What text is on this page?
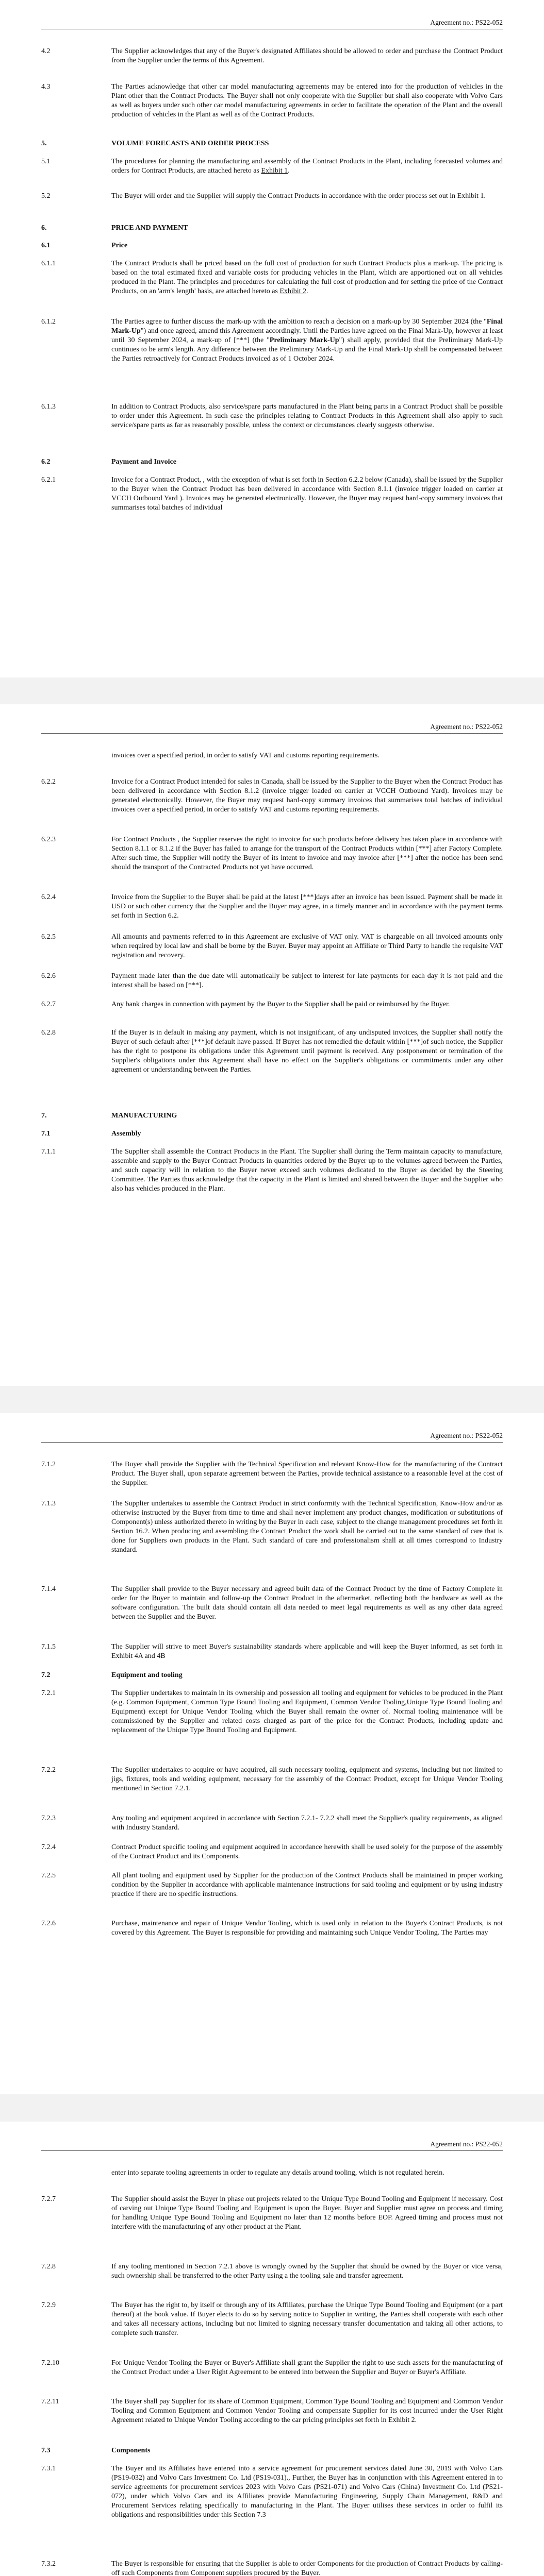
Agreement no.: PS22-052
4.2	The Supplier acknowledges that any of the Buyer's designated Affiliates should be allowed to order and purchase the Contract Product from the Supplier under the terms of this Agreement.
4.3	The Parties acknowledge that other car model manufacturing agreements may be entered into for the production of vehicles in the Plant other than the Contract Products. The Buyer shall not only cooperate with the Supplier but shall also cooperate with Volvo Cars as well as buyers under such other car model manufacturing agreements in order to facilitate the operation of the Plant and the overall production of vehicles in the Plant as well as of the Contract Products.
5.	VOLUME FORECASTS AND ORDER PROCESS
5.1	The procedures for planning the manufacturing and assembly of the Contract Products in the Plant, including forecasted volumes and orders for Contract Products, are attached hereto as Exhibit 1.
5.2	The Buyer will order and the Supplier will supply the Contract Products in accordance with the order process set out in Exhibit 1.
6.	PRICE AND PAYMENT
6.1	Price
6.1.1	The Contract Products shall be priced based on the full cost of production for such Contract Products plus a mark-up. The pricing is based on the total estimated fixed and variable costs for producing vehicles in the Plant, which are apportioned out on all vehicles produced in the Plant. The principles and procedures for calculating the full cost of production and for setting the price of the Contract Products, on an 'arm's length' basis, are attached hereto as Exhibit 2.
6.1.2	The Parties agree to further discuss the mark-up with the ambition to reach a decision on a mark-up by 30 September 2024 (the "Final Mark-Up") and once agreed, amend this Agreement accordingly. Until the Parties have agreed on the Final Mark-Up, however at least until 30 September 2024, a mark-up of [***] (the "Preliminary Mark-Up") shall apply, provided that the Preliminary Mark-Up continues to be arm's length. Any difference between the Preliminary Mark-Up and the Final Mark-Up shall be compensated between the Parties retroactively for Contract Products invoiced as of 1 October 2024.
6.1.3	In addition to Contract Products, also service/spare parts manufactured in the Plant being parts in a Contract Product shall be possible to order under this Agreement. In such case the principles relating to Contract Products in this Agreement shall also apply to such service/spare parts as far as reasonably possible, unless the context or circumstances clearly suggests otherwise.
6.2	Payment and Invoice
6.2.1	Invoice for a Contract Product, , with the exception of what is set forth in Section 6.2.2 below (Canada), shall be issued by the Supplier to the Buyer when the Contract Product has been delivered in accordance with Section 8.1.1 (invoice trigger loaded on carrier at VCCH Outbound Yard ). Invoices may be generated electronically. However, the Buyer may request hard-copy summary invoices that summarises total batches of individual
Agreement no.: PS22-052
invoices over a specified period, in order to satisfy VAT and customs reporting requirements.
6.2.2	Invoice for a Contract Product intended for sales in Canada, shall be issued by the Supplier to the Buyer when the Contract Product has been delivered in accordance with Section 8.1.2 (invoice trigger loaded on carrier at VCCH Outbound Yard). Invoices may be generated electronically. However, the Buyer may request hard-copy summary invoices that summarises total batches of individual invoices over a specified period, in order to satisfy VAT and customs reporting requirements.
6.2.3	For Contract Products , the Supplier reserves the right to invoice for such products before delivery has taken place in accordance with Section 8.1.1 or 8.1.2 if the Buyer has failed to arrange for the transport of the Contract Products within [***] after Factory Complete. After such time, the Supplier will notify the Buyer of its intent to invoice and may invoice after [***] after the notice has been send should the transport of the Contracted Products not yet have occurred.
6.2.4	Invoice from the Supplier to the Buyer shall be paid at the latest [***]days after an invoice has been issued. Payment shall be made in USD or such other currency that the Supplier and the Buyer may agree, in a timely manner and in accordance with the payment terms set forth in Section 6.2.
6.2.5	All amounts and payments referred to in this Agreement are exclusive of VAT only. VAT is chargeable on all invoiced amounts only when required by local law and shall be borne by the Buyer. Buyer may appoint an Affiliate or Third Party to handle the requisite VAT registration and recovery.
6.2.6	Payment made later than the due date will automatically be subject to interest for late payments for each day it is not paid and the interest shall be based on [***].
6.2.7	Any bank charges in connection with payment by the Buyer to the Supplier shall be paid or reimbursed by the Buyer.
6.2.8	If the Buyer is in default in making any payment, which is not insignificant, of any undisputed invoices, the Supplier shall notify the Buyer of such default after [***]of default have passed. If Buyer has not remedied the default within [***]of such notice, the Supplier has the right to postpone its obligations under this Agreement until payment is received. Any postponement or termination of the Supplier's obligations under this Agreement shall have no effect on the Supplier's obligations or commitments under any other agreement or understanding between the Parties.
7.	MANUFACTURING
7.1	Assembly
7.1.1	The Supplier shall assemble the Contract Products in the Plant. The Supplier shall during the Term maintain capacity to manufacture, assemble and supply to the Buyer Contract Products in quantities ordered by the Buyer up to the volumes agreed between the Parties, and such capacity will in relation to the Buyer never exceed such volumes dedicated to the Buyer as decided by the Steering Committee. The Parties thus acknowledge that the capacity in the Plant is limited and shared between the Buyer and the Supplier who also has vehicles produced in the Plant.
Agreement no.: PS22-052
7.1.2	The Buyer shall provide the Supplier with the Technical Specification and relevant Know-How for the manufacturing of the Contract Product. The Buyer shall, upon separate agreement between the Parties, provide technical assistance to a reasonable level at the cost of the Supplier.
7.1.3	The Supplier undertakes to assemble the Contract Product in strict conformity with the Technical Specification, Know-How and/or as otherwise instructed by the Buyer from time to time and shall never implement any product changes, modification or substitutions of Component(s) unless authorized thereto in writing by the Buyer in each case, subject to the change management procedures set forth in Section 16.2. When producing and assembling the Contract Product the work shall be carried out to the same standard of care that is done for Suppliers own products in the Plant. Such standard of care and professionalism shall at all times correspond to Industry standard.
7.1.4	The Supplier shall provide to the Buyer necessary and agreed built data of the Contract Product by the time of Factory Complete in order for the Buyer to maintain and follow-up the Contract Product in the aftermarket, reflecting both the hardware as well as the software configuration. The built data should contain all data needed to meet legal requirements as well as any other data agreed between the Supplier and the Buyer.
7.1.5	The Supplier will strive to meet Buyer's sustainability standards where applicable and will keep the Buyer informed, as set forth in Exhibit 4A and 4B
7.2	Equipment and tooling
7.2.1	The Supplier undertakes to maintain in its ownership and possession all tooling and equipment for vehicles to be produced in the Plant (e.g. Common Equipment, Common Type Bound Tooling and Equipment, Common Vendor Tooling,Unique Type Bound Tooling and Equipment) except for Unique Vendor Tooling which the Buyer shall remain the owner of. Normal tooling maintenance will be commissioned by the Supplier and related costs charged as part of the price for the Contract Products, including update and replacement of the Unique Type Bound Tooling and Equipment.
7.2.2	The Supplier undertakes to acquire or have acquired, all such necessary tooling, equipment and systems, including but not limited to jigs, fixtures, tools and welding equipment, necessary for the assembly of the Contract Product, except for Unique Vendor Tooling mentioned in Section 7.2.1.
7.2.3	Any tooling and equipment acquired in accordance with Section 7.2.1- 7.2.2 shall meet the Supplier's quality requirements, as aligned with Industry Standard.
7.2.4	Contract Product specific tooling and equipment acquired in accordance herewith shall be used solely for the purpose of the assembly of the Contract Product and its Components.
7.2.5	All plant tooling and equipment used by Supplier for the production of the Contract Products shall be maintained in proper working condition by the Supplier in accordance with applicable maintenance instructions for said tooling and equipment or by using industry practice if there are no specific instructions.
7.2.6	Purchase, maintenance and repair of Unique Vendor Tooling, which is used only in relation to the Buyer's Contract Products, is not covered by this Agreement. The Buyer is responsible for providing and maintaining such Unique Vendor Tooling. The Parties may
Agreement no.: PS22-052
enter into separate tooling agreements in order to regulate any details around tooling, which is not regulated herein.
7.2.7	The Supplier should assist the Buyer in phase out projects related to the Unique Type Bound Tooling and Equipment if necessary. Cost of carving out Unique Type Bound Tooling and Equipment is upon the Buyer. Buyer and Supplier must agree on process and timing for handling Unique Type Bound Tooling and Equipment no later than 12 months before EOP. Agreed timing and process must not interfere with the manufacturing of any other product at the Plant.
7.2.8	If any tooling mentioned in Section 7.2.1 above is wrongly owned by the Supplier that should be owned by the Buyer or vice versa, such ownership shall be transferred to the other Party using a the tooling sale and transfer agreement.
7.2.9	The Buyer has the right to, by itself or through any of its Affiliates, purchase the Unique Type Bound Tooling and Equipment (or a part thereof) at the book value. If Buyer elects to do so by serving notice to Supplier in writing, the Parties shall cooperate with each other and takes all necessary actions, including but not limited to signing necessary transfer documentation and taking all other actions, to complete such transfer.
7.2.10	For Unique Vendor Tooling the Buyer or Buyer's Affiliate shall grant the Supplier the right to use such assets for the manufacturing of the Contract Product under a User Right Agreement to be entered into between the Supplier and Buyer or Buyer's Affiliate.
7.2.11	The Buyer shall pay Supplier for its share of Common Equipment, Common Type Bound Tooling and Equipment and Common Vendor Tooling and Common Equipment and Common Vendor Tooling and compensate Supplier for its cost incurred under the User Right Agreement related to Unique Vendor Tooling according to the car pricing principles set forth in Exhibit 2.
7.3	Components
7.3.1	The Buyer and its Affiliates have entered into a service agreement for procurement services dated June 30, 2019 with Volvo Cars (PS19-032) and Volvo Cars Investment Co. Ltd (PS19-031)., Further, the Buyer has in conjunction with this Agreement entered in to service agreements for procurement services 2023 with Volvo Cars (PS21-071) and Volvo Cars (China) Investment Co. Ltd (PS21-072), under which Volvo Cars and its Affiliates provide Manufacturing Engineering, Supply Chain Management, R&D and Procurement Services relating specifically to manufacturing in the Plant. The Buyer utilises these services in order to fulfil its obligations and responsibilities under this Section 7.3
7.3.2	The Buyer is responsible for ensuring that the Supplier is able to order Components for the production of Contract Products by calling-off such Components from Component suppliers procured by the Buyer.
